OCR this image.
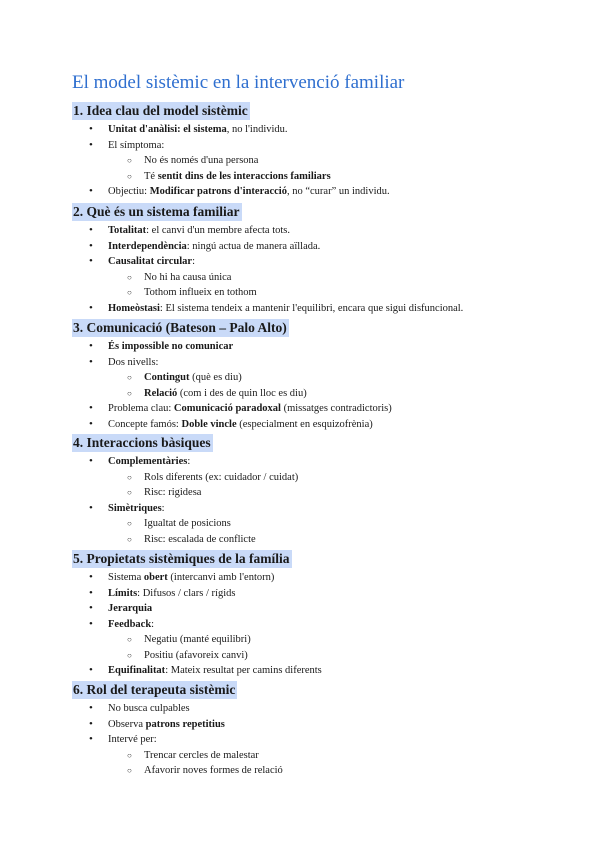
El model sistèmic en la intervenció familiar
1. Idea clau del model sistèmic
• Unitat d'anàlisi: el sistema, no l'individu.
• El símptoma:
○ No és només d'una persona
○ Té sentit dins de les interaccions familiars
• Objectiu: Modificar patrons d'interacció, no “curar” un individu.
2. Què és un sistema familiar
• Totalitat: el canvi d'un membre afecta tots.
• Interdependència: ningú actua de manera aïllada.
• Causalitat circular:
○ No hi ha causa única
○ Tothom influeix en tothom
• Homeòstasi: El sistema tendeix a mantenir l'equilibri, encara que sigui disfuncional.
3. Comunicació (Bateson – Palo Alto)
• És impossible no comunicar
• Dos nivells:
○ Contingut (què es diu)
○ Relació (com i des de quin lloc es diu)
• Problema clau: Comunicació paradoxal (missatges contradictoris)
• Concepte famós: Doble vincle (especialment en esquizofrènia)
4. Interaccions bàsiques
• Complementàries:
○ Rols diferents (ex: cuidador / cuidat)
○ Risc: rigidesa
• Simètriques:
○ Igualtat de posicions
○ Risc: escalada de conflicte
5. Propietats sistèmiques de la família
• Sistema obert (intercanvi amb l'entorn)
• Límits: Difusos / clars / rígids
• Jerarquia
• Feedback:
○ Negatiu (manté equilibri)
○ Positiu (afavoreix canvi)
• Equifinalitat: Mateix resultat per camins diferents
6. Rol del terapeuta sistèmic
• No busca culpables
• Observa patrons repetitius
• Intervé per:
○ Trencar cercles de malestar
○ Afavorir noves formes de relació
